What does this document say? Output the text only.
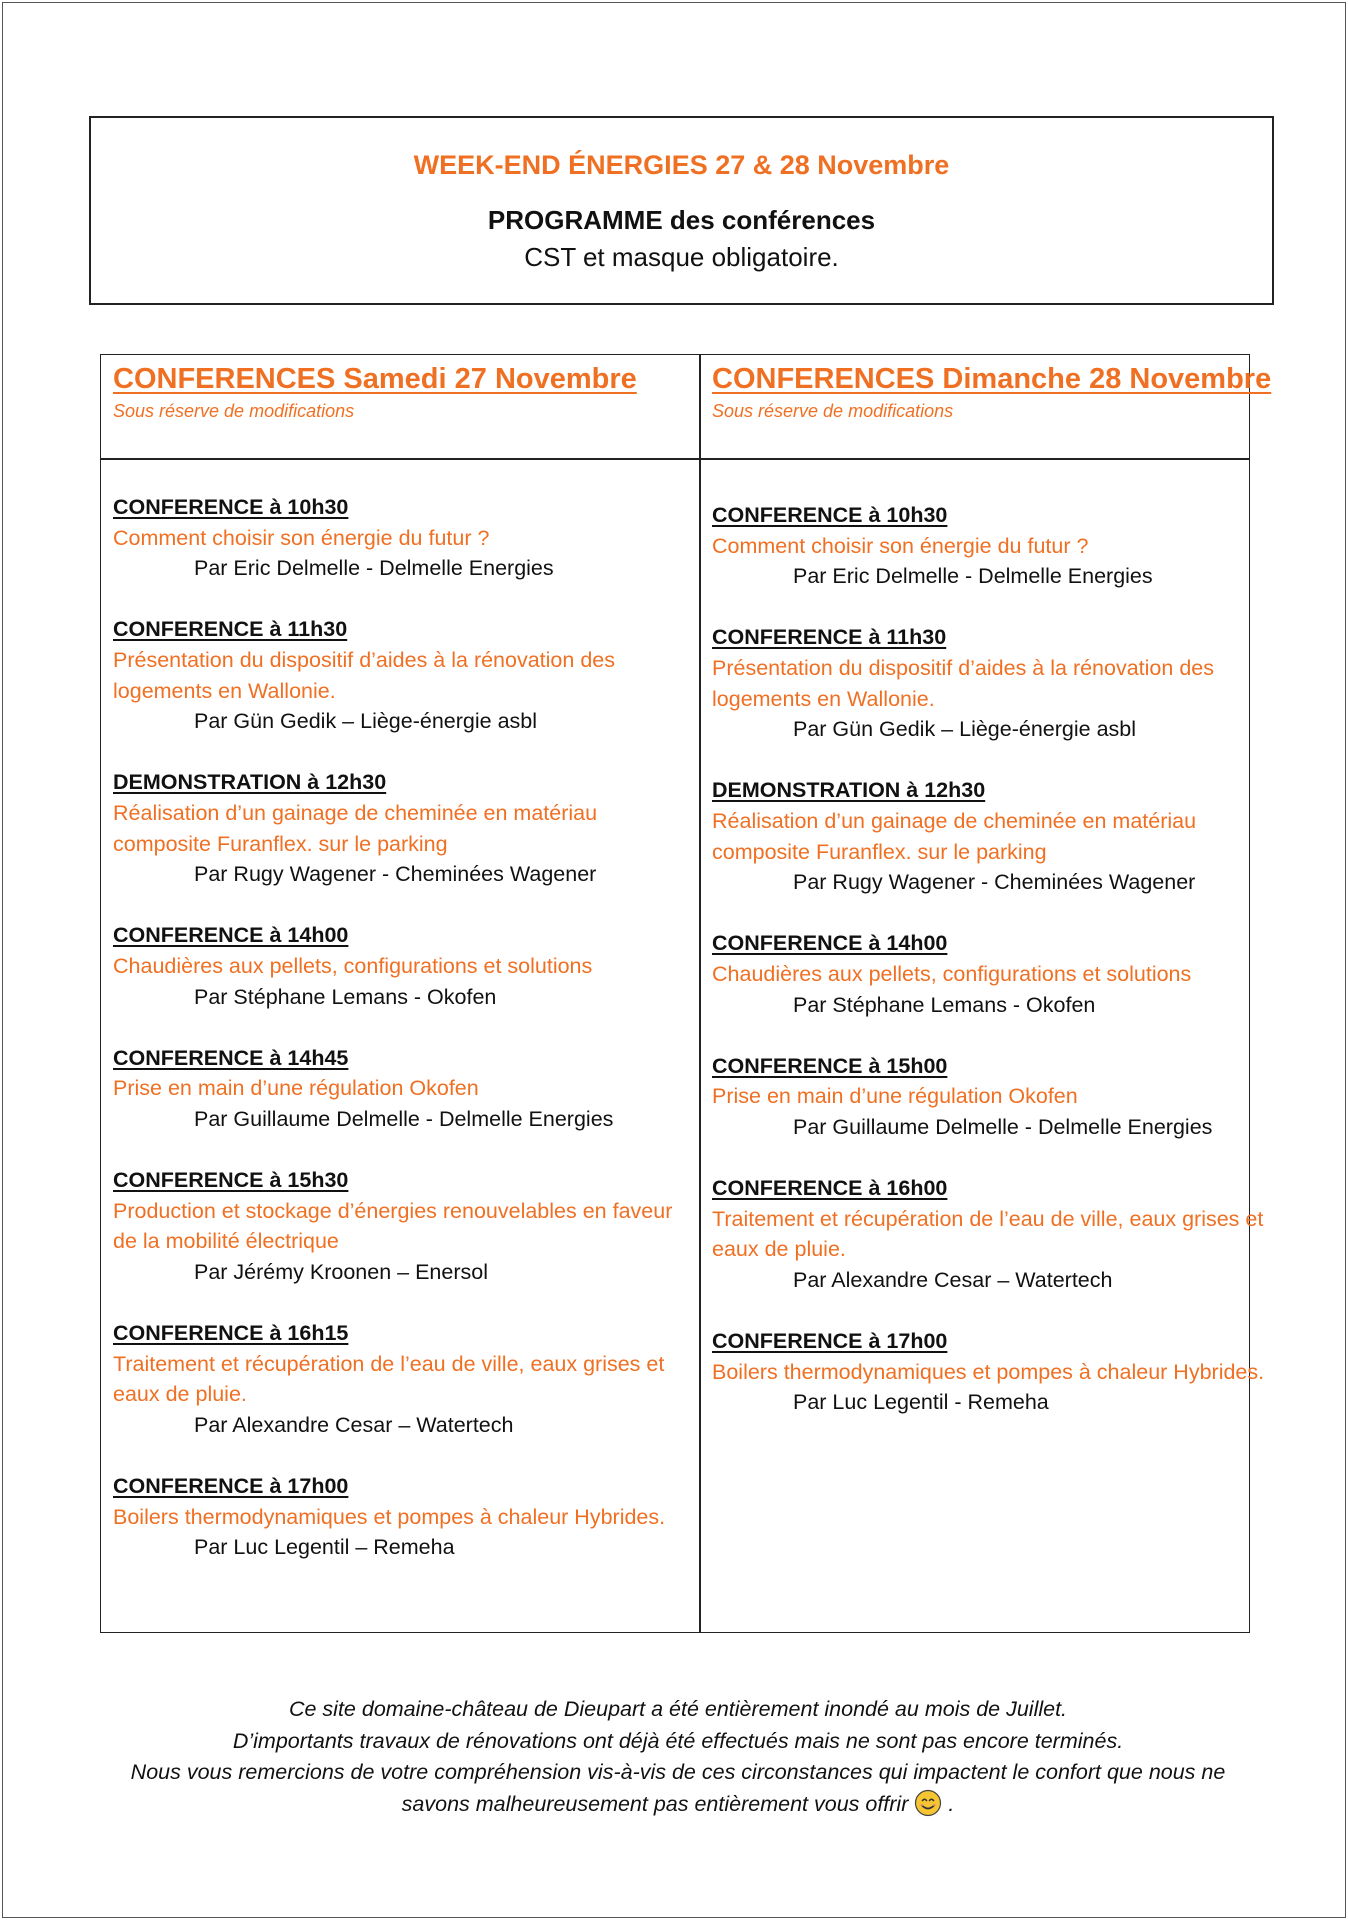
WEEK-END ÉNERGIES 27 & 28 Novembre
PROGRAMME des conférences
CST et masque obligatoire.
CONFERENCES Samedi 27 Novembre
Sous réserve de modifications
CONFERENCES Dimanche 28 Novembre
Sous réserve de modifications
CONFERENCE à 10h30
Comment choisir son énergie du futur ?
Par Eric Delmelle - Delmelle Energies
CONFERENCE à 11h30
Présentation du dispositif d’aides à la rénovation des logements en Wallonie.
Par Gün Gedik – Liège-énergie asbl
DEMONSTRATION à 12h30
Réalisation d’un gainage de cheminée en matériau composite Furanflex. sur le parking
Par Rugy Wagener - Cheminées Wagener
CONFERENCE à 14h00
Chaudières aux pellets, configurations et solutions
Par Stéphane Lemans - Okofen
CONFERENCE à 14h45
Prise en main d’une régulation Okofen
Par Guillaume Delmelle - Delmelle Energies
CONFERENCE à 15h30
Production et stockage d’énergies renouvelables en faveur de la mobilité électrique
Par Jérémy Kroonen – Enersol
CONFERENCE à 16h15
Traitement et récupération de l’eau de ville, eaux grises et eaux de pluie.
Par Alexandre Cesar – Watertech
CONFERENCE à 17h00
Boilers thermodynamiques et pompes à chaleur Hybrides.
Par Luc Legentil – Remeha
CONFERENCE à 10h30
Comment choisir son énergie du futur ?
Par Eric Delmelle - Delmelle Energies
CONFERENCE à 11h30
Présentation du dispositif d’aides à la rénovation des logements en Wallonie.
Par Gün Gedik – Liège-énergie asbl
DEMONSTRATION à 12h30
Réalisation d’un gainage de cheminée en matériau composite Furanflex. sur le parking
Par Rugy Wagener - Cheminées Wagener
CONFERENCE à 14h00
Chaudières aux pellets, configurations et solutions
Par Stéphane Lemans - Okofen
CONFERENCE à 15h00
Prise en main d’une régulation Okofen
Par Guillaume Delmelle - Delmelle Energies
CONFERENCE à 16h00
Traitement et récupération de l’eau de ville, eaux grises et eaux de pluie.
Par Alexandre Cesar – Watertech
CONFERENCE à 17h00
Boilers thermodynamiques et pompes à chaleur Hybrides.
Par Luc Legentil - Remeha
Ce site domaine-château de Dieupart a été entièrement inondé au mois de Juillet.
D’importants travaux de rénovations ont déjà été effectués mais ne sont pas encore terminés.
Nous vous remercions de votre compréhension vis-à-vis de ces circonstances qui impactent le confort que nous ne
savons malheureusement pas entièrement vous offrir .
